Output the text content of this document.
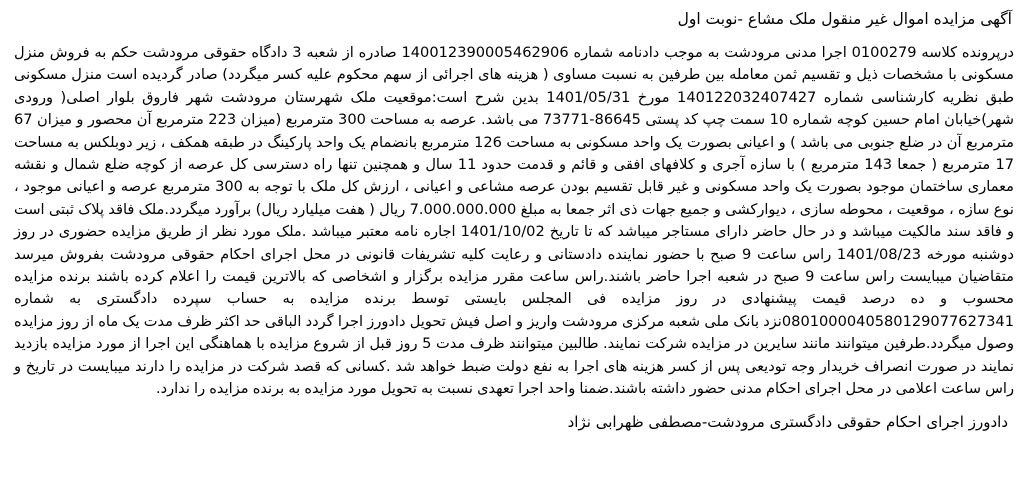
آگهی مزایده اموال غیر منقول ملک مشاع -نوبت اول

درپرونده کلاسه 0100279 اجرا مدنی مرودشت به موجب دادنامه شماره 140012390005462906 صادره از شعبه 3 دادگاه حقوقی مرودشت حکم به فروش منزل مسکونی با مشخصات ذیل و تقسیم ثمن معامله بین طرفین به نسبت مساوی ( هزینه های اجرائی از سهم محکوم علیه کسر میگردد) صادر گردیده است منزل مسکونی طبق نظریه کارشناسی شماره 140122032407427 مورخ 1401/05/31 بدین شرح است:موقعیت ملک شهرستان مرودشت شهر فاروق بلوار اصلی( ورودی شهر)خیابان امام حسین کوچه شماره 10 سمت چپ کد پستی 86645-73771 می باشد. عرصه به مساحت 300 مترمربع (میزان 223 مترمربع آن محصور و میزان 67 مترمربع آن در ضلع جنوبی می باشد ) و اعیانی بصورت یک واحد مسکونی به مساحت 126 مترمربع بانضمام یک واحد پارکینگ در طبقه همکف ، زیر دوبلکس به مساحت 17 مترمربع ( جمعا 143 مترمربع ) با سازه آجری و کلافهای افقی و قائم و قدمت حدود 11 سال و همچنین تنها راه دسترسی کل عرصه از کوچه ضلع شمال و نقشه معماری ساختمان موجود بصورت یک واحد مسکونی و غیر قابل تقسیم بودن عرصه مشاعی و اعیانی ، ارزش کل ملک با توجه به 300 مترمربع عرصه و اعیانی موجود ، نوع سازه ، موقعیت ، محوطه سازی ، دیوارکشی و جمیع جهات ذی اثر جمعا به مبلغ 7.000.000.000 ریال ( هفت میلیارد ریال) برآورد میگردد.ملک فاقد پلاک ثبتی است و فاقد سند مالکیت میباشد و در حال حاضر دارای مستاجر میباشد که تا تاریخ 1401/10/02 اجاره نامه معتبر میباشد .ملک مورد نظر از طریق مزایده حضوری در روز دوشنبه مورخه 1401/08/23 راس ساعت 9 صبح با حضور نماینده دادستانی و رعایت کلیه تشریفات قانونی در محل اجرای احکام حقوقی مرودشت بفروش میرسد متقاضیان میبایست راس ساعت 9 صبح در شعبه اجرا حاضر باشند.راس ساعت مقرر مزایده برگزار و اشخاصی که بالاترین قیمت را اعلام کرده باشند برنده مزایده محسوب و ده درصد قیمت پیشنهادی در روز مزایده فی المجلس بایستی توسط برنده مزایده به حساب سپرده دادگستری به شماره 0801000040580129077627341نزد بانک ملی شعبه مرکزی مرودشت واریز و اصل فیش تحویل دادورز اجرا گردد الباقی حد اکثر ظرف مدت یک ماه از روز مزایده وصول میگردد.طرفین میتوانند مانند سایرین در مزایده شرکت نمایند. طالبین میتوانند ظرف مدت 5 روز قبل از شروع مزایده با هماهنگی این اجرا از مورد مزایده بازدید نمایند در صورت انصراف خریدار وجه تودیعی پس از کسر هزینه های اجرا به نفع دولت ضبط خواهد شد .کسانی که قصد شرکت در مزایده را دارند میبایست در تاریخ و راس ساعت اعلامی در محل اجرای احکام مدنی حضور داشته باشند.ضمنا واحد اجرا تعهدی نسبت به تحویل مورد مزایده به برنده مزایده را ندارد.

دادورز اجرای احکام حقوقی دادگستری مرودشت-مصطفی ظهرابی نژاد
